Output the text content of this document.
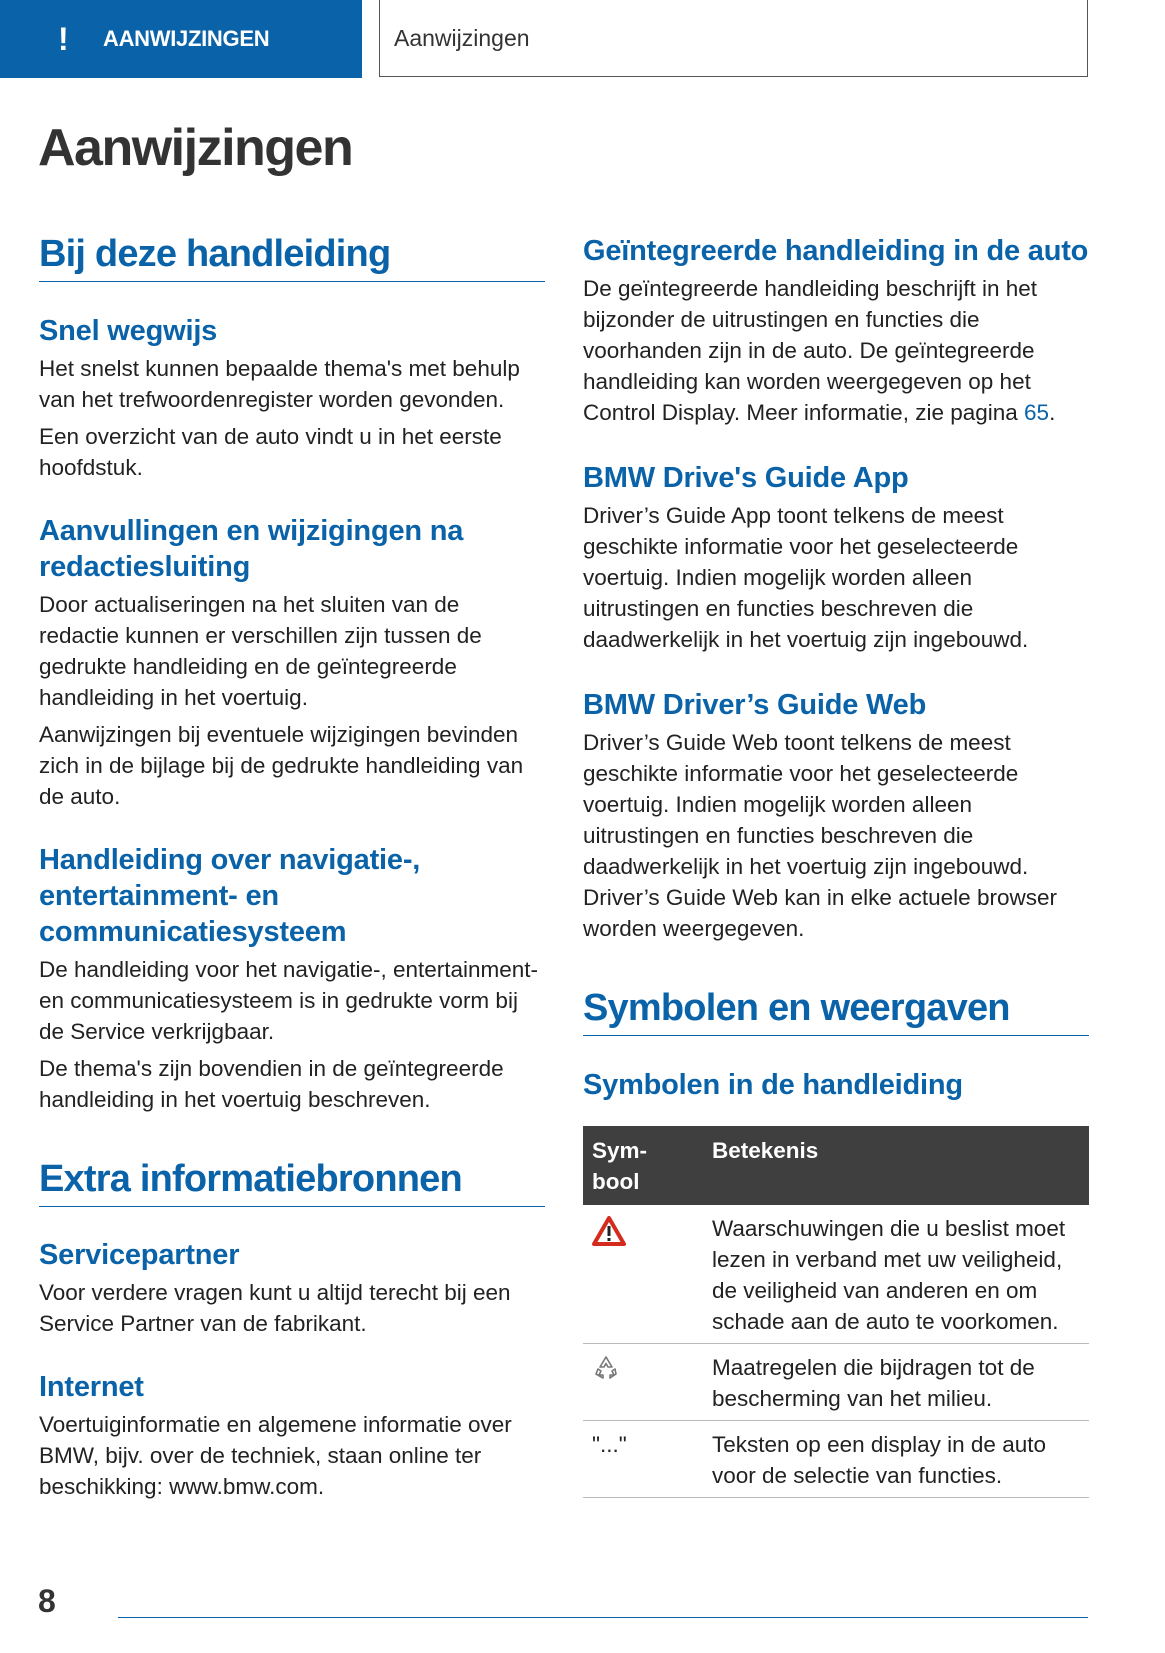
!	AANWIJZINGEN	Aanwijzingen
Aanwijzingen
Bij deze handleiding
Snel wegwijs

Het snelst kunnen bepaalde thema's met behulp van het trefwoordenregister worden gevonden.

Een overzicht van de auto vindt u in het eerste hoofdstuk.

Aanvullingen en wijzigingen na redactiesluiting

Door actualiseringen na het sluiten van de redactie kunnen er verschillen zijn tussen de gedrukte handleiding en de geïntegreerde handleiding in het voertuig.

Aanwijzingen bij eventuele wijzigingen bevinden zich in de bijlage bij de gedrukte handleiding van de auto.

Handleiding over navigatie-, entertainment- en communicatiesysteem

De handleiding voor het navigatie-, entertainment- en communicatiesysteem is in gedrukte vorm bij de Service verkrijgbaar.

De thema's zijn bovendien in de geïntegreerde handleiding in het voertuig beschreven.

Extra informatiebronnen
Servicepartner

Voor verdere vragen kunt u altijd terecht bij een Service Partner van de fabrikant.

Internet

Voertuiginformatie en algemene informatie over BMW, bijv. over de techniek, staan online ter beschikking: www.bmw.com.

Geïntegreerde handleiding in de auto

De geïntegreerde handleiding beschrijft in het bijzonder de uitrustingen en functies die voorhanden zijn in de auto. De geïntegreerde handleiding kan worden weergegeven op het Control Display. Meer informatie, zie pagina 65.

BMW Drive's Guide App

Driver’s Guide App toont telkens de meest geschikte informatie voor het geselecteerde voertuig. Indien mogelijk worden alleen uitrustingen en functies beschreven die daadwerkelijk in het voertuig zijn ingebouwd.

BMW Driver’s Guide Web

Driver’s Guide Web toont telkens de meest geschikte informatie voor het geselecteerde voertuig. Indien mogelijk worden alleen uitrustingen en functies beschreven die daadwerkelijk in het voertuig zijn ingebouwd. Driver’s Guide Web kan in elke actuele browser worden weergegeven.

Symbolen en weergaven
Symbolen in de handleiding
Sym-
bool	Betekenis
	Waarschuwingen die u beslist moet lezen in verband met uw veiligheid, de veiligheid van anderen en om schade aan de auto te voorkomen.
	Maatregelen die bijdragen tot de bescherming van het milieu.
"..."	Teksten op een display in de auto voor de selectie van functies.
8
